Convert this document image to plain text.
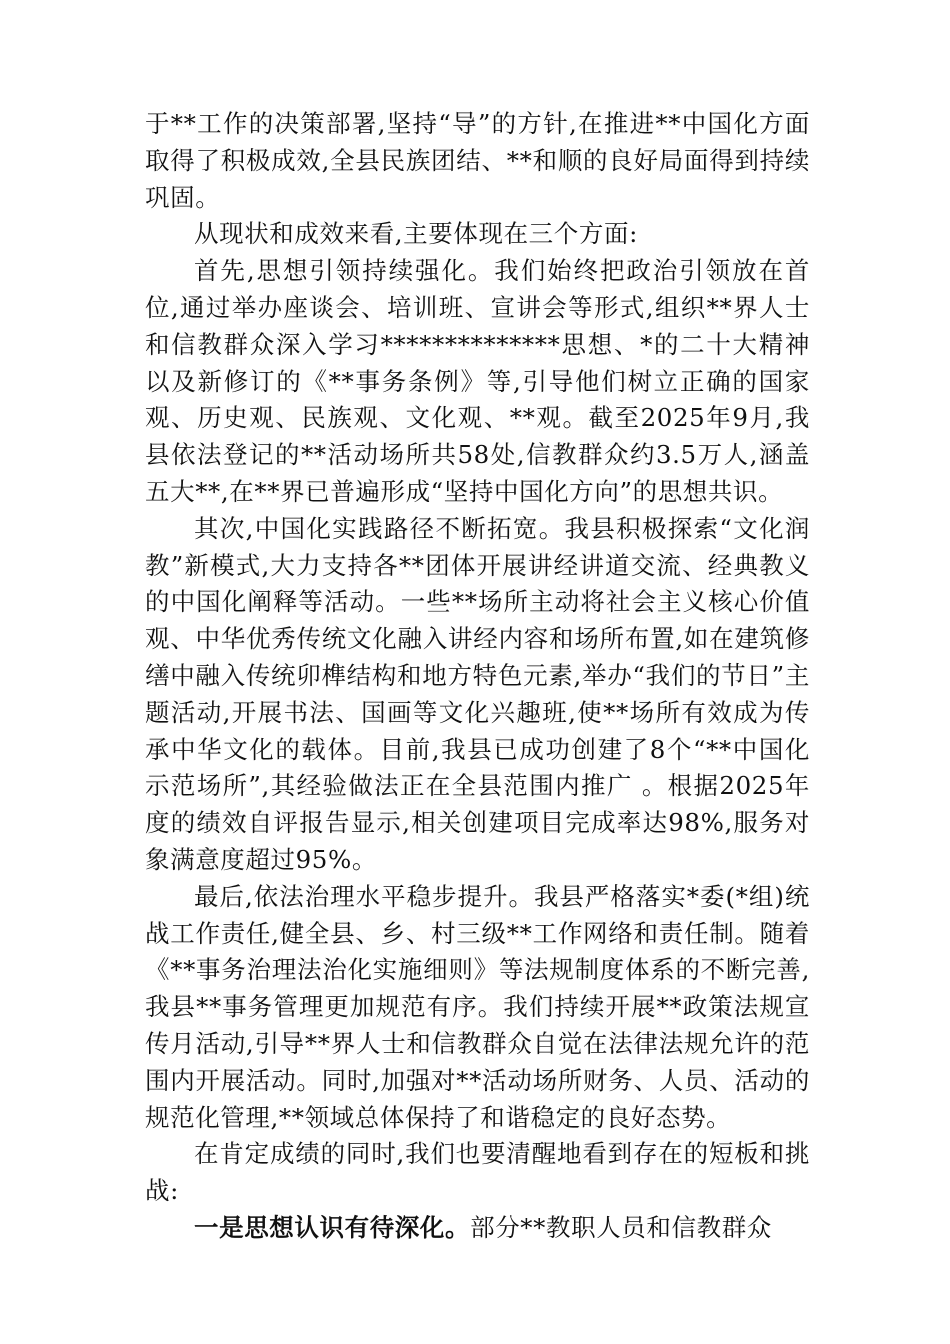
于**工作的决策部署,坚持“导”的方针,在推进**中国化方面取得了积极成效,全县民族团结、**和顺的良好局面得到持续巩固。

从现状和成效来看,主要体现在三个方面:

首先,思想引领持续强化。我们始终把政治引领放在首位,通过举办座谈会、培训班、宣讲会等形式,组织**界人士和信教群众深入学习**************思想、*的二十大精神以及新修订的《**事务条例》等,引导他们树立正确的国家观、历史观、民族观、文化观、**观。截至2025年9月,我县依法登记的**活动场所共58处,信教群众约3.5万人,涵盖五大**,在**界已普遍形成“坚持中国化方向”的思想共识。

其次,中国化实践路径不断拓宽。我县积极探索“文化润教”新模式,大力支持各**团体开展讲经讲道交流、经典教义的中国化阐释等活动。一些**场所主动将社会主义核心价值观、中华优秀传统文化融入讲经内容和场所布置,如在建筑修缮中融入传统卯榫结构和地方特色元素,举办“我们的节日”主题活动,开展书法、国画等文化兴趣班,使**场所有效成为传承中华文化的载体。目前,我县已成功创建了8个“**中国化示范场所”,其经验做法正在全县范围内推广 。根据2025年度的绩效自评报告显示,相关创建项目完成率达98%,服务对象满意度超过95%。

最后,依法治理水平稳步提升。我县严格落实*委(*组)统战工作责任,健全县、乡、村三级**工作网络和责任制。随着《**事务治理法治化实施细则》等法规制度体系的不断完善,我县**事务管理更加规范有序。我们持续开展**政策法规宣传月活动,引导**界人士和信教群众自觉在法律法规允许的范围内开展活动。同时,加强对**活动场所财务、人员、活动的规范化管理,**领域总体保持了和谐稳定的良好态势。

在肯定成绩的同时,我们也要清醒地看到存在的短板和挑战:

一是思想认识有待深化。部分**教职人员和信教群众
